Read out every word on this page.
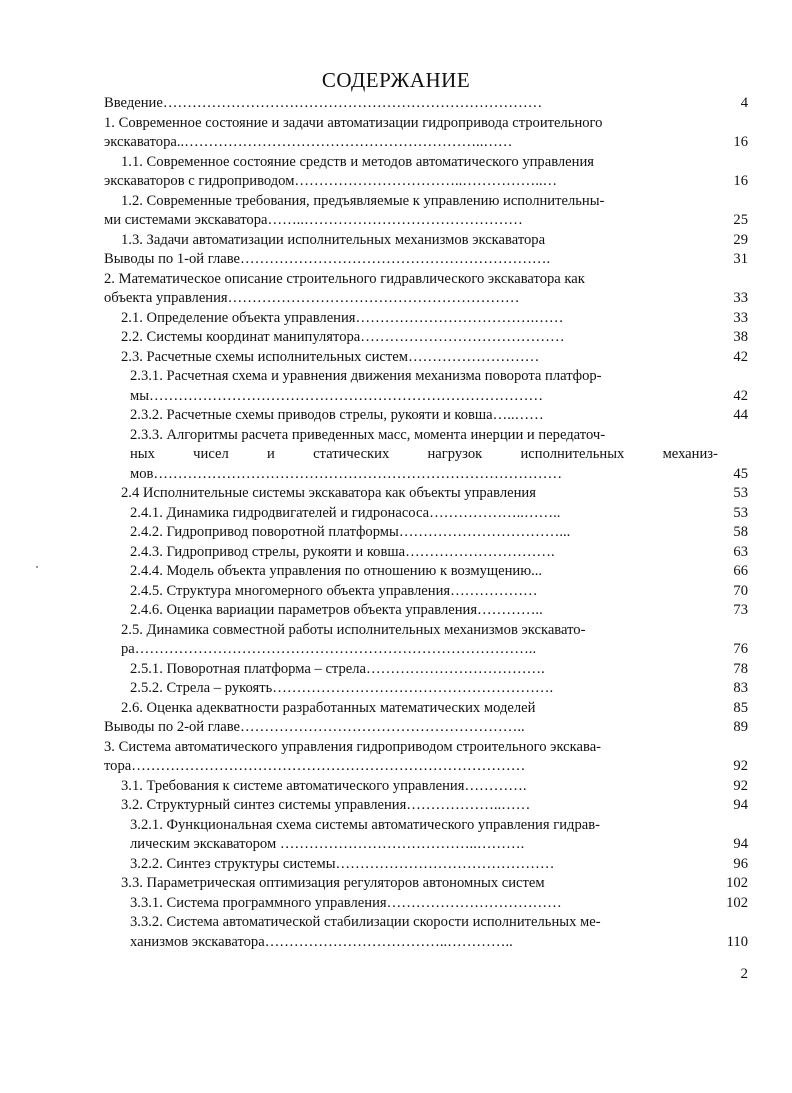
СОДЕРЖАНИЕ
Введение……………………………………………………………………	4
1. Современное состояние и задачи автоматизации гидропривода строительного
экскаватора..……………………………………………………..……	16
1.1. Современное состояние средств и методов автоматического управления
экскаваторов с гидроприводом……………………………..……………..…	16
1.2. Современные требования, предъявляемые к управлению исполнительны-
ми системами экскаватора……..………………………………………	25
1.3. Задачи автоматизации исполнительных механизмов экскаватора	29
Выводы по 1-ой главе……………………………………………………….	31
2. Математическое описание строительного гидравлического экскаватора как
объекта управления……………………………………………………	33
2.1. Определение объекта управления……………………………….……	33
2.2. Системы координат манипулятора……………………………………	38
2.3. Расчетные схемы исполнительных систем………………………	42
2.3.1. Расчетная схема и уравнения движения механизма поворота платфор-
мы………………………………………………………………………	42
2.3.2. Расчетные схемы приводов стрелы, рукояти и ковша…..……	44
2.3.3. Алгоритмы расчета приведенных масс, момента инерции и передаточ-
ных	чисел	и	статических	нагрузок	исполнительных	механиз-
мов…………………………………………………………………………	45
2.4 Исполнительные системы экскаватора как объекты управления	53
2.4.1. Динамика гидродвигателей и гидронасоса………………..……..	53
2.4.2. Гидропривод поворотной платформы……………………………...	58
2.4.3. Гидропривод стрелы, рукояти и ковша………………………….	63
2.4.4. Модель объекта управления по отношению к возмущению...	66
2.4.5. Структура многомерного объекта управления………………	70
2.4.6. Оценка вариации параметров объекта управления…………..	73
2.5. Динамика совместной работы исполнительных механизмов экскавато-
ра………………………………………………………………………..	76
2.5.1. Поворотная платформа – стрела……………………………….	78
2.5.2. Стрела – рукоять………………………………………………….	83
2.6. Оценка адекватности разработанных математических моделей	85
Выводы по 2-ой главе…………………………………………………..	89
3. Система автоматического управления гидроприводом строительного экскава-
тора………………………………………………………………………	92
3.1. Требования к системе автоматического управления………….	92
3.2. Структурный синтез системы управления………………..……	94
3.2.1. Функциональная схема системы автоматического управления гидрав-
лическим экскаватором …………………………………..……….	94
3.2.2. Синтез структуры системы………………………………………	96
3.3. Параметрическая оптимизация регуляторов автономных систем	102
3.3.1. Система программного управления………………………………	102
3.3.2. Система автоматической стабилизации скорости исполнительных ме-
ханизмов экскаватора………………………………..…………..	110
2
